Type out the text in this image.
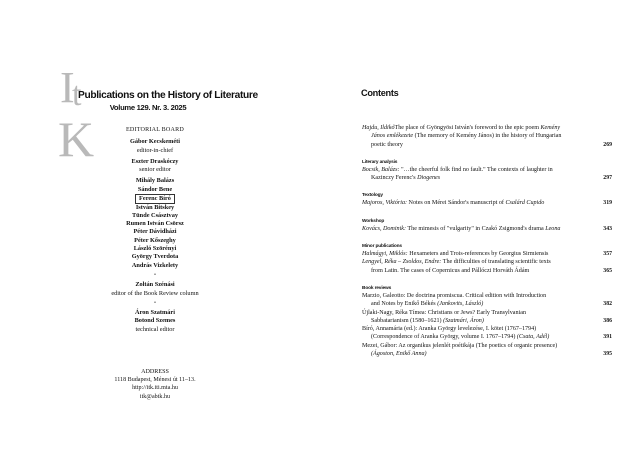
I
t
K
Publications on the History of Literature
Volume 129. Nr. 3. 2025
EDITORIAL BOARD
Gábor Kecskeméti
editor-in-chief
Eszter Draskóczy
senior editor
Mihály Balázs
Sándor Bene
Ferenc Bíró
István Bitskey
Tünde Császtvay
Rumen István Csörsz
Péter Dávidházi
Péter Kőszeghy
László Szörényi
György Tverdota
András Vizkelety
•
Zoltán Szénási
editor of the Book Review column
•
Áron Szatmári
Botond Szemes
technical editor
ADDRESS
1118 Budapest, Ménesi út 11–13.
http://itk.iti.mta.hu
itk@abtk.hu
Contents
Hajdu, IldikóThe place of Gyöngyösi István's foreword to the epic poem Kemény
János emlékezete (The memory of Kemény János) in the history of Hungarian
poetic theory	269
Literary analysis
Bocsik, Balázs: "…the cheerful folk find no fault." The contexts of laughter in
Kazinczy Ferenc's Diogenes	297
Textology
Majoros, Viktória: Notes on Mérei Sándor's manuscript of Csalárd Cupido	319
Workshop
Kovács, Dominik: The mimesis of "vulgarity" in Czakó Zsigmond's drama Leona	343
Minor publications
Halmágyi, Miklós: Hexameters and Trois-references by Georgius Sirmiensis	357
Lengyel, Réka – Zsoldos, Endre: The difficulties of translating scientific texts
from Latin. The cases of Copernicus and Pállóczi Horváth Ádám	365
Book reviews
Marzio, Galeotto: De doctrina promiscua. Critical edition with Introduction
and Notes by Enikő Békés (Jankovits, László)	382
Újlaki-Nagy, Réka Tímea: Christians or Jews? Early Transylvanian
Sabbatarianism (1580–1621) (Szatmári, Áron)	386
Bíró, Annamária (ed.): Aranka György levelezése, I. kötet (1767–1794)
(Correspondence of Aranka György, volume I. 1767–1794) (Csata, Adél)	391
Mezei, Gábor: Az organikus jelenlét poétikája (The poetics of organic presence)
(Ágoston, Enikő Anna)	395
